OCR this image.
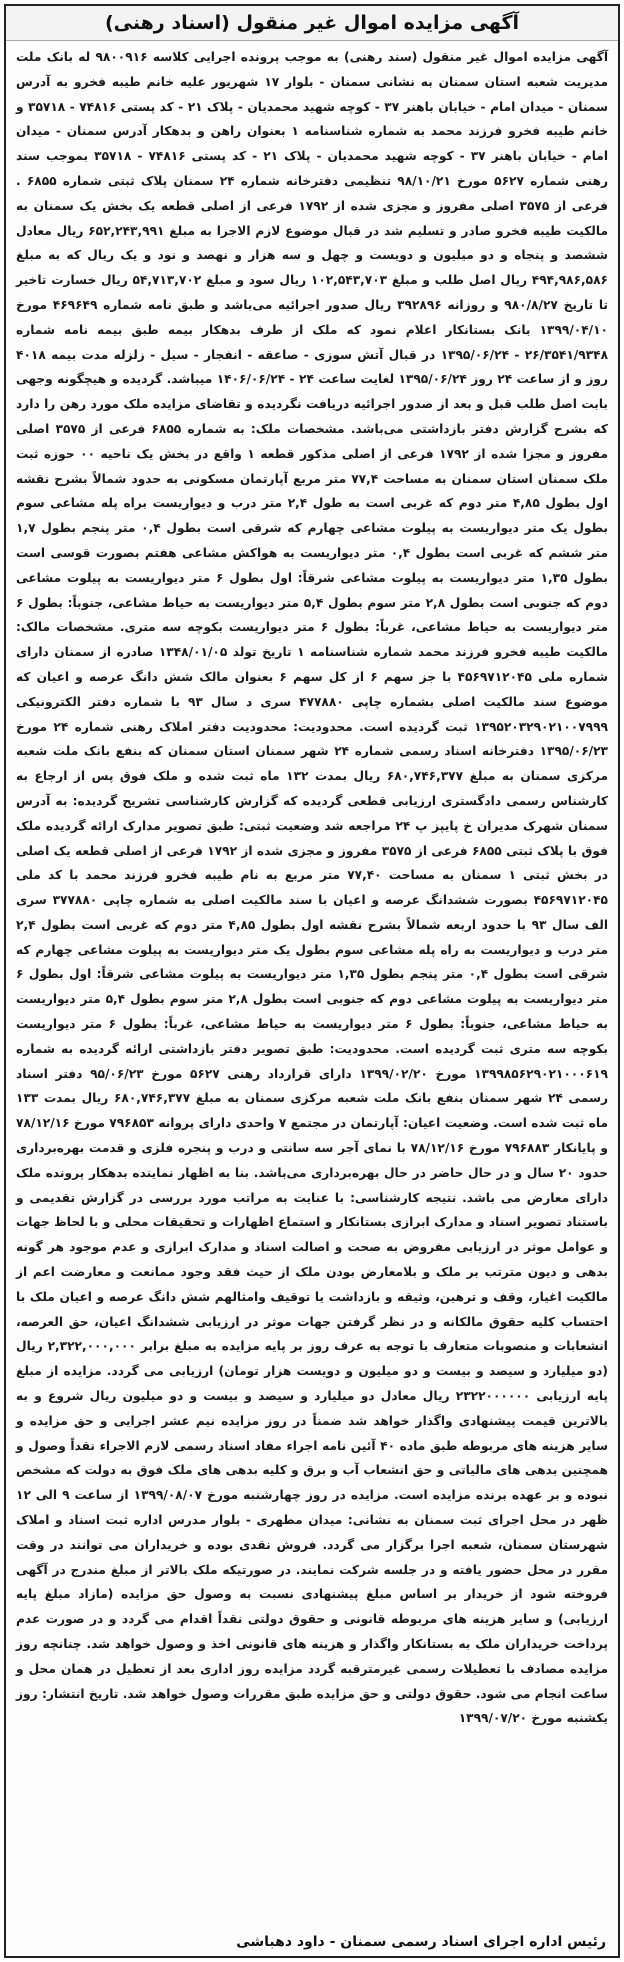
آگهی مزایده اموال غیر منقول (اسناد رهنی)

آگهی مزایده اموال غیر منقول (سند رهنی) به موجب پرونده اجرایی کلاسه ۹۸۰۰۹۱۶ له بانک ملت مدیریت شعبه استان سمنان به نشانی سمنان - بلوار ۱۷ شهریور علیه خانم طیبه فخرو به آدرس سمنان - میدان امام - خیابان باهنر ۳۷ - کوچه شهید محمدیان - پلاک ۲۱ - کد پستی ۷۴۸۱۶ - ۳۵۷۱۸ و خانم طیبه فخرو فرزند محمد به شماره شناسنامه ۱ بعنوان راهن و بدهکار آدرس سمنان - میدان امام - خیابان باهنر ۳۷ - کوچه شهید محمدیان - پلاک ۲۱ - کد پستی ۷۴۸۱۶ - ۳۵۷۱۸ بموجب سند رهنی شماره ۵۶۲۷ مورخ ۹۸/۱۰/۲۱ تنظیمی دفترخانه شماره ۲۴ سمنان پلاک ثبتی شماره ۶۸۵۵ . فرعی از ۳۵۷۵ اصلی مفروز و مجزی شده از ۱۷۹۲ فرعی از اصلی قطعه یک بخش یک سمنان به مالکیت طیبه فخرو صادر و تسلیم شد در قبال موضوع لازم الاجرا به مبلغ ۶۵۲,۲۴۳,۹۹۱ ریال معادل ششصد و پنجاه و دو میلیون و دویست و چهل و سه هزار و نهصد و نود و یک ریال که به مبلغ ۴۹۴,۹۸۶,۵۸۶ ریال اصل طلب و مبلغ ۱۰۲,۵۴۳,۷۰۳ ریال سود و مبلغ ۵۴,۷۱۳,۷۰۲ ریال خسارت تاخیر تا تاریخ ۹۸۰/۸/۲۷ و روزانه ۳۹۲۸۹۶ ریال صدور اجرائیه می‌باشد و طبق نامه شماره ۴۶۹۶۴۹ مورخ ۱۳۹۹/۰۴/۱۰ بانک بستانکار اعلام نمود که ملک از طرف بدهکار بیمه طبق بیمه نامه شماره ۲۶/۳۵۴۱/۹۳۴۸ - ۱۳۹۵/۰۶/۲۴ در قبال آتش سوزی - صاعقه - انفجار - سیل - زلزله مدت بیمه ۴۰۱۸ روز و از ساعت ۲۴ روز ۱۳۹۵/۰۶/۲۴ لغایت ساعت ۲۴ - ۱۴۰۶/۰۶/۲۴ میباشد. گردیده و هیچگونه وجهی بابت اصل طلب قبل و بعد از صدور اجرائیه دریافت نگردیده و تقاضای مزایده ملک مورد رهن را دارد که بشرح گزارش دفتر بازداشتی می‌باشد. مشخصات ملک: به شماره ۶۸۵۵ فرعی از ۳۵۷۵ اصلی مفروز و مجزا شده از ۱۷۹۲ فرعی از اصلی مذکور قطعه ۱ واقع در بخش یک ناحیه ۰۰ حوزه ثبت ملک سمنان استان سمنان به مساحت ۷۷,۴ متر مربع آپارتمان مسکونی به حدود شمالاً بشرح نقشه اول بطول ۴,۸۵ متر دوم که غربی است به طول ۲,۴ متر درب و دیواریست براه پله مشاعی سوم بطول یک متر دیواریست به پیلوت مشاعی چهارم که شرقی است بطول ۰,۴ متر پنجم بطول ۱,۷ متر ششم که غربی است بطول ۰,۴ متر دیواریست به هواکش مشاعی هفتم بصورت قوسی است بطول ۱,۳۵ متر دیواریست به پیلوت مشاعی شرقاً: اول بطول ۶ متر دیواریست به پیلوت مشاعی دوم که جنوبی است بطول ۲,۸ متر سوم بطول ۵,۴ متر دیواریست به حیاط مشاعی، جنوباً: بطول ۶ متر دیواریست به حیاط مشاعی، غرباً: بطول ۶ متر دیواریست بکوچه سه متری. مشخصات مالک: مالکیت طیبه فخرو فرزند محمد شماره شناسنامه ۱ تاریخ تولد ۱۳۴۸/۰۱/۰۵ صادره از سمنان دارای شماره ملی ۴۵۶۹۷۱۲۰۴۵ با جز سهم ۶ از کل سهم ۶ بعنوان مالک شش دانگ عرصه و اعیان که موضوع سند مالکیت اصلی بشماره چاپی ۴۷۷۸۸۰ سری د سال ۹۳ با شماره دفتر الکترونیکی ۱۳۹۵۲۰۳۲۹۰۲۱۰۰۷۹۹۹ ثبت گردیده است. محدودیت: محدودیت دفتر املاک رهنی شماره ۲۴ مورخ ۱۳۹۵/۰۶/۲۳ دفترخانه اسناد رسمی شماره ۲۴ شهر سمنان استان سمنان که بنفع بانک ملت شعبه مرکزی سمنان به مبلغ ۶۸۰,۷۴۶,۳۷۷ ریال بمدت ۱۳۲ ماه ثبت شده و ملک فوق پس از ارجاع به کارشناس رسمی دادگستری ارزیابی قطعی گردیده که گزارش کارشناسی تشریح گردیده: به آدرس سمنان شهرک مدیران خ پایپز پ ۲۴ مراجعه شد وضعیت ثبتی: طبق تصویر مدارک ارائه گردیده ملک فوق با پلاک ثبتی ۶۸۵۵ فرعی از ۳۵۷۵ مفروز و مجزی شده از ۱۷۹۲ فرعی از اصلی قطعه یک اصلی در بخش ثبتی ۱ سمنان به مساحت ۷۷,۴۰ متر مربع به نام طیبه فخرو فرزند محمد با کد ملی ۴۵۶۹۷۱۲۰۴۵ بصورت ششدانگ عرصه و اعیان با سند مالکیت اصلی به شماره چاپی ۳۷۷۸۸۰ سری الف سال ۹۳ با حدود اربعه شمالاً بشرح نقشه اول بطول ۴,۸۵ متر دوم که غربی است بطول ۲,۴ متر درب و دیواریست به راه پله مشاعی سوم بطول یک متر دیواریست به پیلوت مشاعی چهارم که شرقی است بطول ۰,۴ متر پنجم بطول ۱,۳۵ متر دیواریست به پیلوت مشاعی شرقاً: اول بطول ۶ متر دیواریست به پیلوت مشاعی دوم که جنوبی است بطول ۲,۸ متر سوم بطول ۵,۴ متر دیواریست به حیاط مشاعی، جنوباً: بطول ۶ متر دیواریست به حیاط مشاعی، غرباً: بطول ۶ متر دیواریست بکوچه سه متری ثبت گردیده است. محدودیت: طبق تصویر دفتر بازداشتی ارائه گردیده به شماره ۱۳۹۹۸۵۶۲۹۰۲۱۰۰۰۶۱۹ مورخ ۱۳۹۹/۰۲/۲۰ دارای قرارداد رهنی ۵۶۲۷ مورخ ۹۵/۰۶/۲۳ دفتر اسناد رسمی ۲۴ شهر سمنان بنفع بانک ملت شعبه مرکزی سمنان به مبلغ ۶۸۰,۷۴۶,۳۷۷ ریال بمدت ۱۳۳ ماه ثبت شده است. وضعیت اعیان: آپارتمان در مجتمع ۷ واحدی دارای پروانه ۷۹۶۸۵۳ مورخ ۷۸/۱۲/۱۶ و پایانکار ۷۹۶۸۸۳ مورخ ۷۸/۱۲/۱۶ با نمای آجر سه سانتی و درب و پنجره فلزی و قدمت بهره‌برداری حدود ۲۰ سال و در حال حاضر در حال بهره‌برداری می‌باشد. بنا به اظهار نماینده بدهکار پرونده ملک دارای معارض می باشد. نتیجه کارشناسی: با عنایت به مراتب مورد بررسی در گزارش تقدیمی و باستناد تصویر اسناد و مدارک ابرازی بستانکار و استماع اظهارات و تحقیقات محلی و با لحاظ جهات و عوامل موثر در ارزیابی مفروض به صحت و اصالت اسناد و مدارک ابرازی و عدم موجود هر گونه بدهی و دیون مترتب بر ملک و بلامعارض بودن ملک از حیث فقد وجود ممانعت و معارضت اعم از مالکیت اغیار، وقف و ترهین، وثیقه و بازداشت یا توقیف وامثالهم شش دانگ عرصه و اعیان ملک با احتساب کلیه حقوق مالکانه و در نظر گرفتن جهات موثر در ارزیابی ششدانگ اعیان، حق العرصه، انشعابات و منصوبات متعارف با توجه به عرف روز بر پایه مزایده به مبلغ برابر ۲,۳۲۲,۰۰۰,۰۰۰ ریال (دو میلیارد و سیصد و بیست و دو میلیون و دویست هزار تومان) ارزیابی می گردد. مزایده از مبلغ پایه ارزیابی ۲۳۲۲۰۰۰۰۰۰ ریال معادل دو میلیارد و سیصد و بیست و دو میلیون ریال شروع و به بالاترین قیمت پیشنهادی واگذار خواهد شد ضمناً در روز مزایده نیم عشر اجرایی و حق مزایده و سایر هزینه های مربوطه طبق ماده ۴۰ آئین نامه اجراء مفاد اسناد رسمی لازم الاجراء نقداً وصول و همچنین بدهی های مالیاتی و حق انشعاب آب و برق و کلیه بدهی های ملک فوق به دولت که مشخص نبوده و بر عهده برنده مزایده است. مزایده در روز چهارشنبه مورخ ۱۳۹۹/۰۸/۰۷ از ساعت ۹ الی ۱۲ ظهر در محل اجرای ثبت سمنان به نشانی: میدان مطهری - بلوار مدرس اداره ثبت اسناد و املاک شهرستان سمنان، شعبه اجرا برگزار می گردد. فروش نقدی بوده و خریداران می توانند در وقت مقرر در محل حضور یافته و در جلسه شرکت نمایند. در صورتیکه ملک بالاتر از مبلغ مندرج در آگهی فروخته شود از خریدار بر اساس مبلغ پیشنهادی نسبت به وصول حق مزایده (مازاد مبلغ پایه ارزیابی) و سایر هزینه های مربوطه قانونی و حقوق دولتی نقداً اقدام می گردد و در صورت عدم پرداخت خریداران ملک به بستانکار واگذار و هزینه های قانونی اخذ و وصول خواهد شد. چنانچه روز مزایده مصادف با تعطیلات رسمی غیرمترقبه گردد مزایده روز اداری بعد از تعطیل در همان محل و ساعت انجام می شود. حقوق دولتی و حق مزایده طبق مقررات وصول خواهد شد. تاریخ انتشار: روز یکشنبه مورخ ۱۳۹۹/۰۷/۲۰

رئیس اداره اجرای اسناد رسمی سمنان - داود دهباشی
